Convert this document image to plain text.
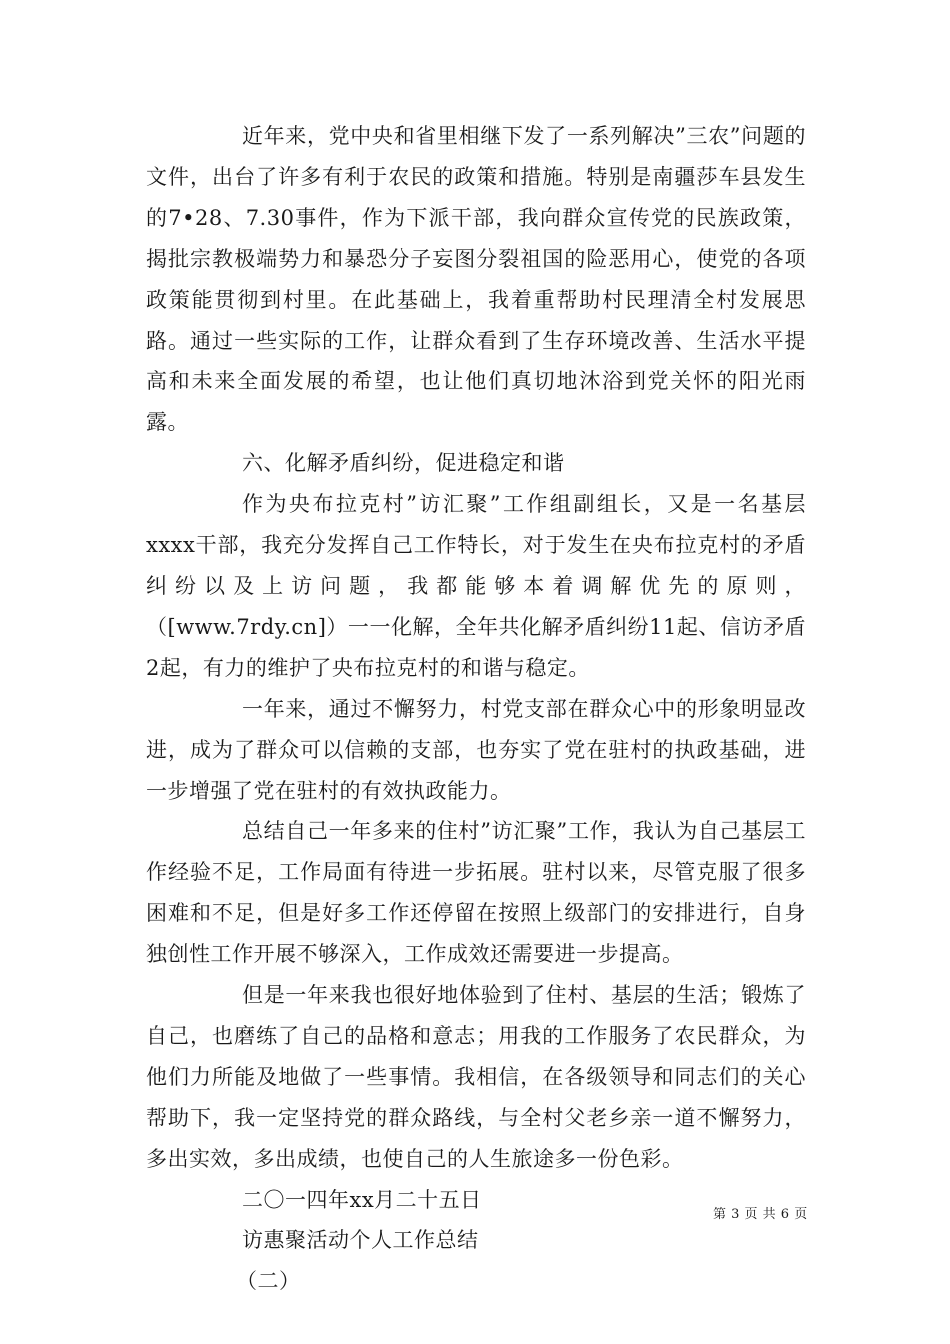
近年来，党中央和省里相继下发了一系列解决”三农”问题的文件，出台了许多有利于农民的政策和措施。特别是南疆莎车县发生的7•28、7.30事件，作为下派干部，我向群众宣传党的民族政策，揭批宗教极端势力和暴恐分子妄图分裂祖国的险恶用心，使党的各项政策能贯彻到村里。在此基础上，我着重帮助村民理清全村发展思路。通过一些实际的工作，让群众看到了生存环境改善、生活水平提高和未来全面发展的希望，也让他们真切地沐浴到党关怀的阳光雨露。

六、化解矛盾纠纷，促进稳定和谐

作为央布拉克村”访汇聚”工作组副组长，又是一名基层xxxx干部，我充分发挥自己工作特长，对于发生在央布拉克村的矛盾纠纷以及上访问题，我都能够本着调解优先的原则，（[www.7rdy.cn]）一一化解，全年共化解矛盾纠纷11起、信访矛盾2起，有力的维护了央布拉克村的和谐与稳定。

一年来，通过不懈努力，村党支部在群众心中的形象明显改进，成为了群众可以信赖的支部，也夯实了党在驻村的执政基础，进一步增强了党在驻村的有效执政能力。

总结自己一年多来的住村”访汇聚”工作，我认为自己基层工作经验不足，工作局面有待进一步拓展。驻村以来，尽管克服了很多困难和不足，但是好多工作还停留在按照上级部门的安排进行，自身独创性工作开展不够深入，工作成效还需要进一步提高。

但是一年来我也很好地体验到了住村、基层的生活；锻炼了自己，也磨练了自己的品格和意志；用我的工作服务了农民群众，为他们力所能及地做了一些事情。我相信，在各级领导和同志们的关心帮助下，我一定坚持党的群众路线，与全村父老乡亲一道不懈努力，多出实效，多出成绩，也使自己的人生旅途多一份色彩。

二〇一四年xx月二十五日

访惠聚活动个人工作总结

（二）

第 3 页 共 6 页
